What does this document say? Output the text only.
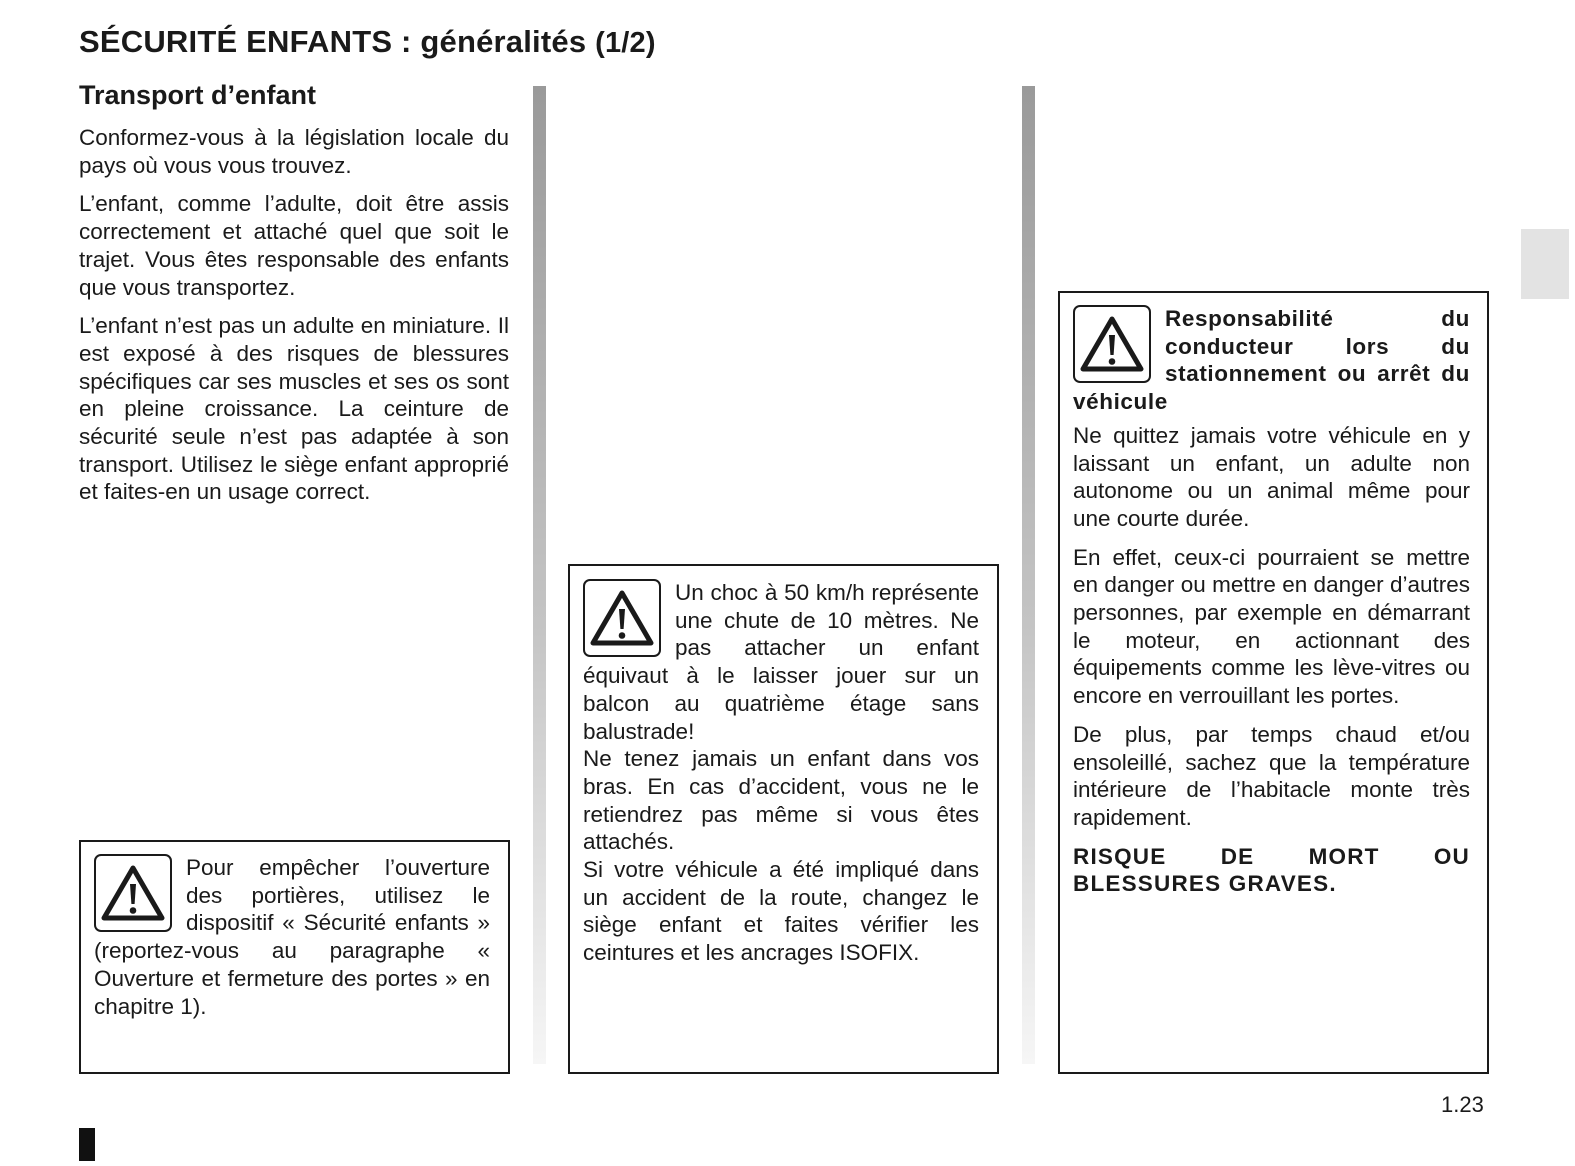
SÉCURITÉ ENFANTS : généralités (1/2)
Transport d’enfant

Conformez-vous à la législation locale du pays où vous vous trouvez.

L’enfant, comme l’adulte, doit être assis correctement et attaché quel que soit le trajet. Vous êtes responsable des enfants que vous transportez.

L’enfant n’est pas un adulte en miniature. Il est exposé à des risques de blessures spécifiques car ses muscles et ses os sont en pleine croissance. La ceinture de sécurité seule n’est pas adaptée à son transport. Utilisez le siège enfant approprié et faites-en un usage correct.

Pour empêcher l’ouverture des portières, utilisez le dispositif « Sécurité enfants » (reportez-vous au paragraphe « Ouverture et fermeture des portes » en chapitre 1).

Un choc à 50 km/h représente une chute de 10 mètres. Ne pas attacher un enfant équivaut à le laisser jouer sur un balcon au quatrième étage sans balustrade!

Ne tenez jamais un enfant dans vos bras. En cas d’accident, vous ne le retiendrez pas même si vous êtes attachés.

Si votre véhicule a été impliqué dans un accident de la route, changez le siège enfant et faites vérifier les ceintures et les ancrages ISOFIX.

Responsabilité du conducteur lors du stationnement ou arrêt du véhicule

Ne quittez jamais votre véhicule en y laissant un enfant, un adulte non autonome ou un animal même pour une courte durée.

En effet, ceux-ci pourraient se mettre en danger ou mettre en danger d’autres personnes, par exemple en démarrant le moteur, en actionnant des équipements comme les lève-vitres ou encore en verrouillant les portes.

De plus, par temps chaud et/ou ensoleillé, sachez que la température intérieure de l’habitacle monte très rapidement.

RISQUE DE MORT OU BLESSURES GRAVES.

1.23
